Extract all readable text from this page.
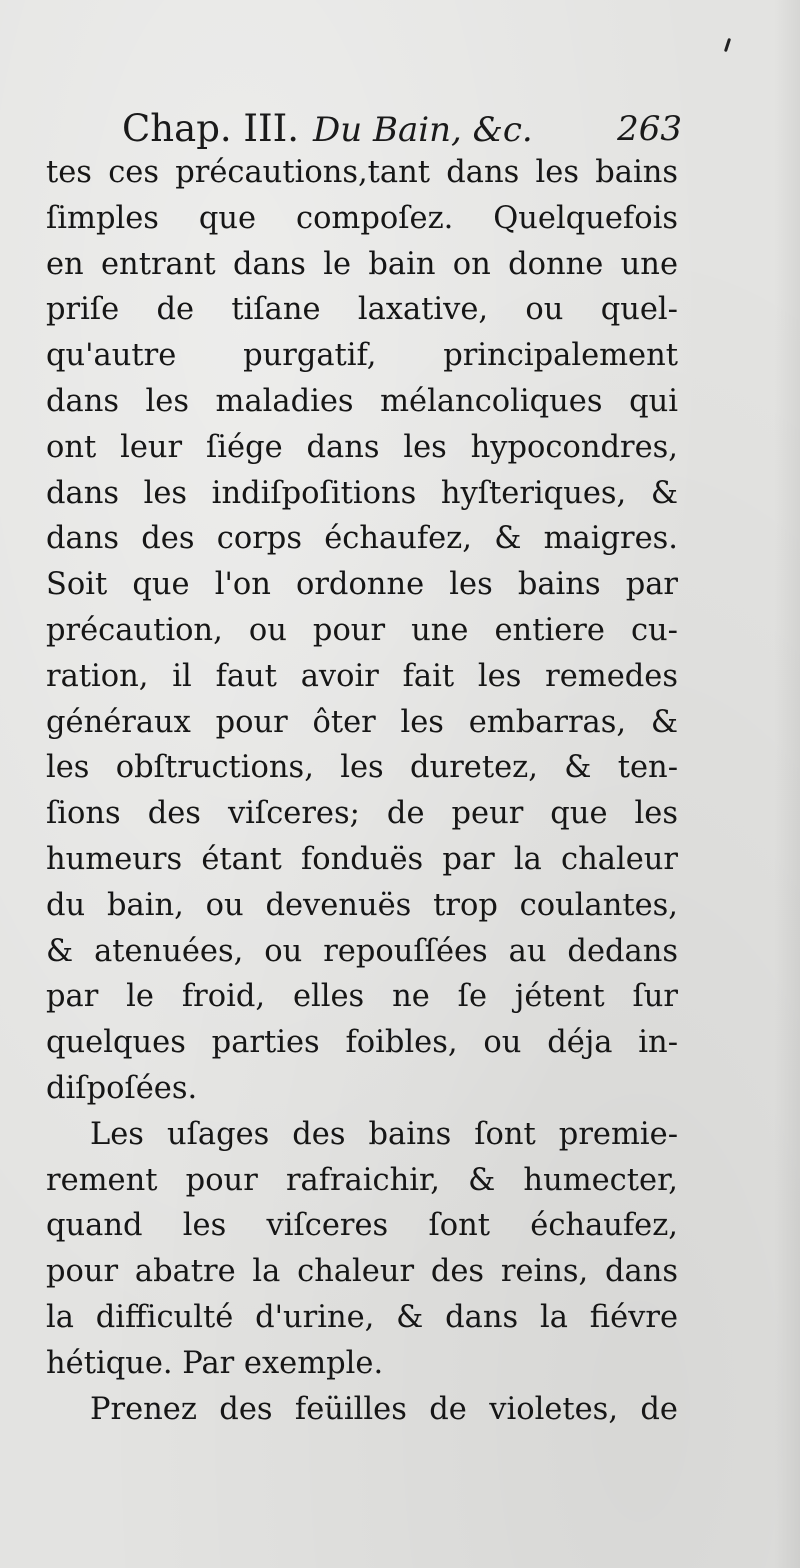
Chap. III. Du Bain, &c. 263
tes ces précautions,tant dans les bains
ſimples que compoſez. Quelquefois
en entrant dans le bain on donne une
priſe de tiſane laxative, ou quel-
qu'autre purgatif, principalement
dans les maladies mélancoliques qui
ont leur ſiége dans les hypocondres,
dans les indiſpoſitions hyſteriques, &
dans des corps échaufez, & maigres.
Soit que l'on ordonne les bains par
précaution, ou pour une entiere cu-
ration, il faut avoir fait les remedes
généraux pour ôter les embarras, &
les obſtructions, les duretez, & ten-
ſions des viſceres; de peur que les
humeurs étant fonduës par la chaleur
du bain, ou devenuës trop coulantes,
& atenuées, ou repouſſées au dedans
par le froid, elles ne ſe jétent ſur
quelques parties foibles, ou déja in-
diſpoſées.
Les uſages des bains ſont premie-
rement pour rafraichir, & humecter,
quand les viſceres ſont échaufez,
pour abatre la chaleur des reins, dans
la difficulté d'urine, & dans la fiévre
hétique. Par exemple.
Prenez des feüilles de violetes, de
